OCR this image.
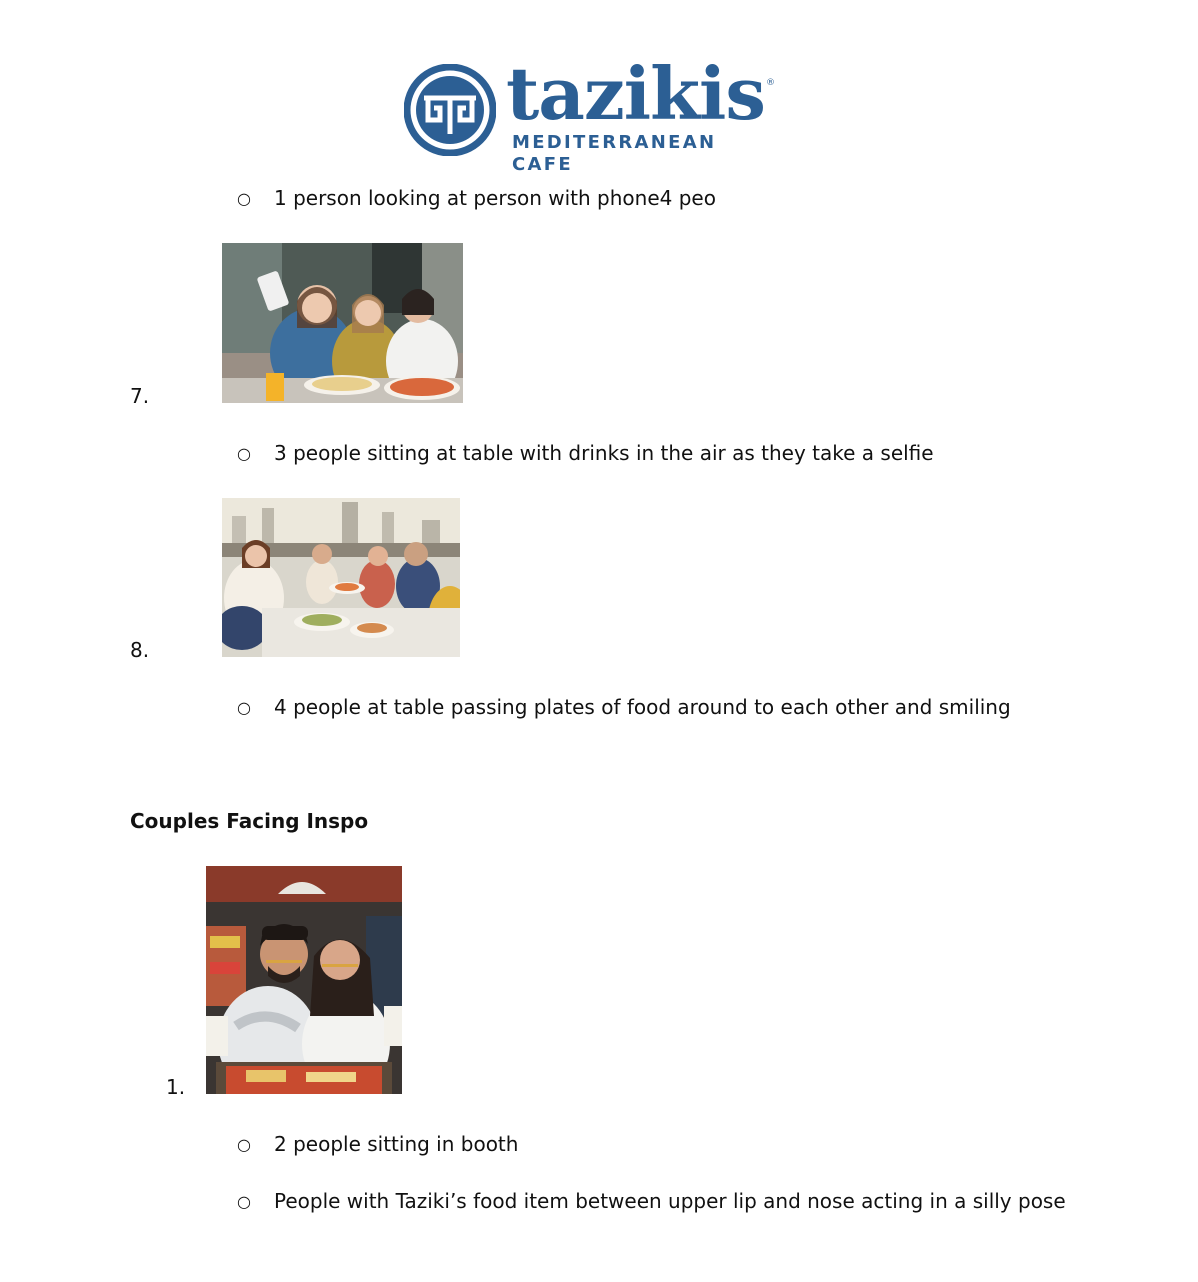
tazikis ®
MEDITERRANEAN CAFE
○ 1 person looking at person with phone4 peo
7.
○ 3 people sitting at table with drinks in the air as they take a selfie
8.
○ 4 people at table passing plates of food around to each other and smiling
Couples Facing Inspo
1.
○ 2 people sitting in booth
○ People with Taziki’s food item between upper lip and nose acting in a silly pose
